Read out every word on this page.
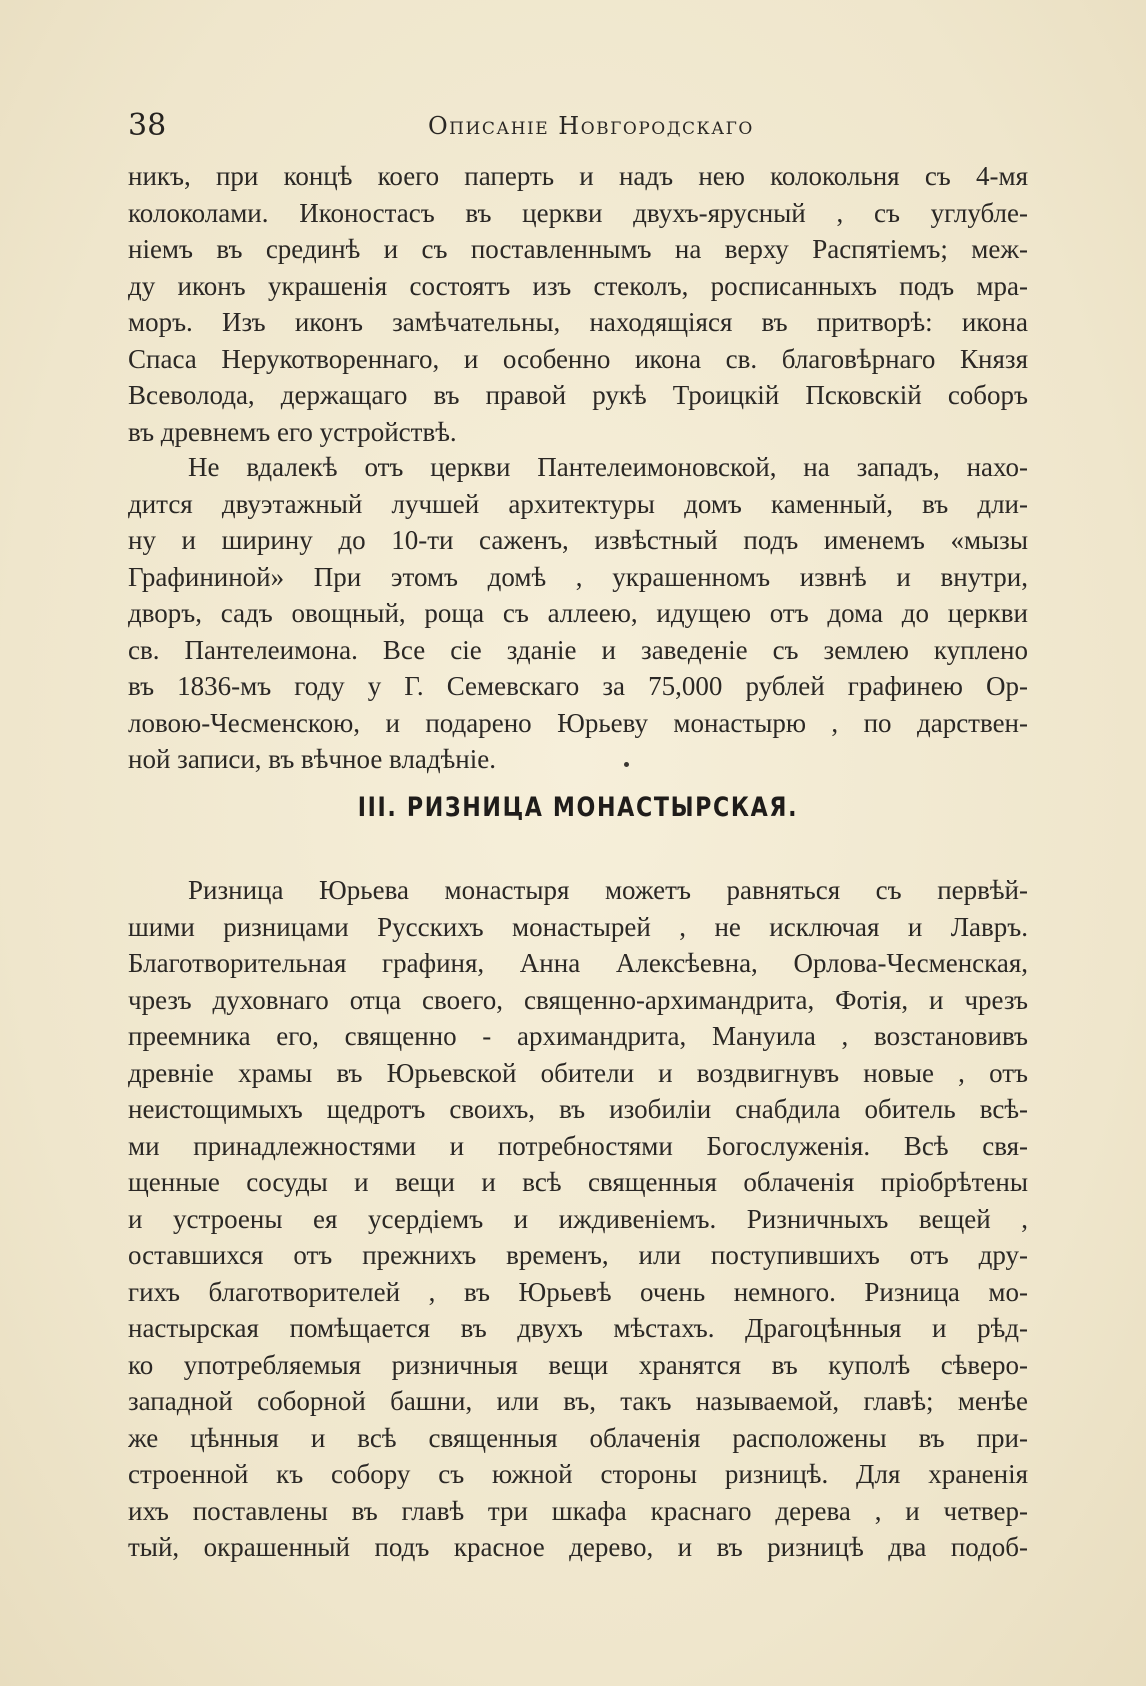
38	Описаніе Новгородскаго
никъ, при концѣ коего паперть и надъ нею колокольня съ 4-мя
колоколами. Иконостасъ въ церкви двухъ-ярусный , съ углубле-
ніемъ въ срединѣ и съ поставленнымъ на верху Распятіемъ; меж-
ду иконъ украшенія состоятъ изъ стеколъ, росписанныхъ подъ мра-
моръ. Изъ иконъ замѣчательны, находящіяся въ притворѣ: икона
Спаса Нерукотвореннаго, и особенно икона св. благовѣрнаго Князя
Всеволода, держащаго въ правой рукѣ Троицкій Псковскій соборъ
въ древнемъ его устройствѣ.
Не вдалекѣ отъ церкви Пантелеимоновской, на западъ, нахо-
дится двуэтажный лучшей архитектуры домъ каменный, въ дли-
ну и ширину до 10-ти саженъ, извѣстный подъ именемъ «мызы
Графининой» При этомъ домѣ , украшенномъ извнѣ и внутри,
дворъ, садъ овощный, роща съ аллеею, идущею отъ дома до церкви
св. Пантелеимона. Все сіе зданіе и заведеніе съ землею куплено
въ 1836-мъ году у Г. Семевскаго за 75,000 рублей графинею Ор-
ловою-Чесменскою, и подарено Юрьеву монастырю , по дарствен-
ной записи, въ вѣчное владѣніе.
III. РИЗНИЦА МОНАСТЫРСКАЯ.
Ризница Юрьева монастыря можетъ равняться съ первѣй-
шими ризницами Русскихъ монастырей , не исключая и Лавръ.
Благотворительная графиня, Анна Алексѣевна, Орлова-Чесменская,
чрезъ духовнаго отца своего, священно-архимандрита, Фотія, и чрезъ
преемника его, священно - архимандрита, Мануила , возстановивъ
древніе храмы въ Юрьевской обители и воздвигнувъ новые , отъ
неистощимыхъ щедротъ своихъ, въ изобиліи снабдила обитель всѣ-
ми принадлежностями и потребностями Богослуженія. Всѣ свя-
щенные сосуды и вещи и всѣ священныя облаченія пріобрѣтены
и устроены ея усердіемъ и иждивеніемъ. Ризничныхъ вещей ,
оставшихся отъ прежнихъ временъ, или поступившихъ отъ дру-
гихъ благотворителей , въ Юрьевѣ очень немного. Ризница мо-
настырская помѣщается въ двухъ мѣстахъ. Драгоцѣнныя и рѣд-
ко употребляемыя ризничныя вещи хранятся въ куполѣ сѣверо-
западной соборной башни, или въ, такъ называемой, главѣ; менѣе
же цѣнныя и всѣ священныя облаченія расположены въ при-
строенной къ собору съ южной стороны ризницѣ. Для храненія
ихъ поставлены въ главѣ три шкафа краснаго дерева , и четвер-
тый, окрашенный подъ красное дерево, и въ ризницѣ два подоб-
